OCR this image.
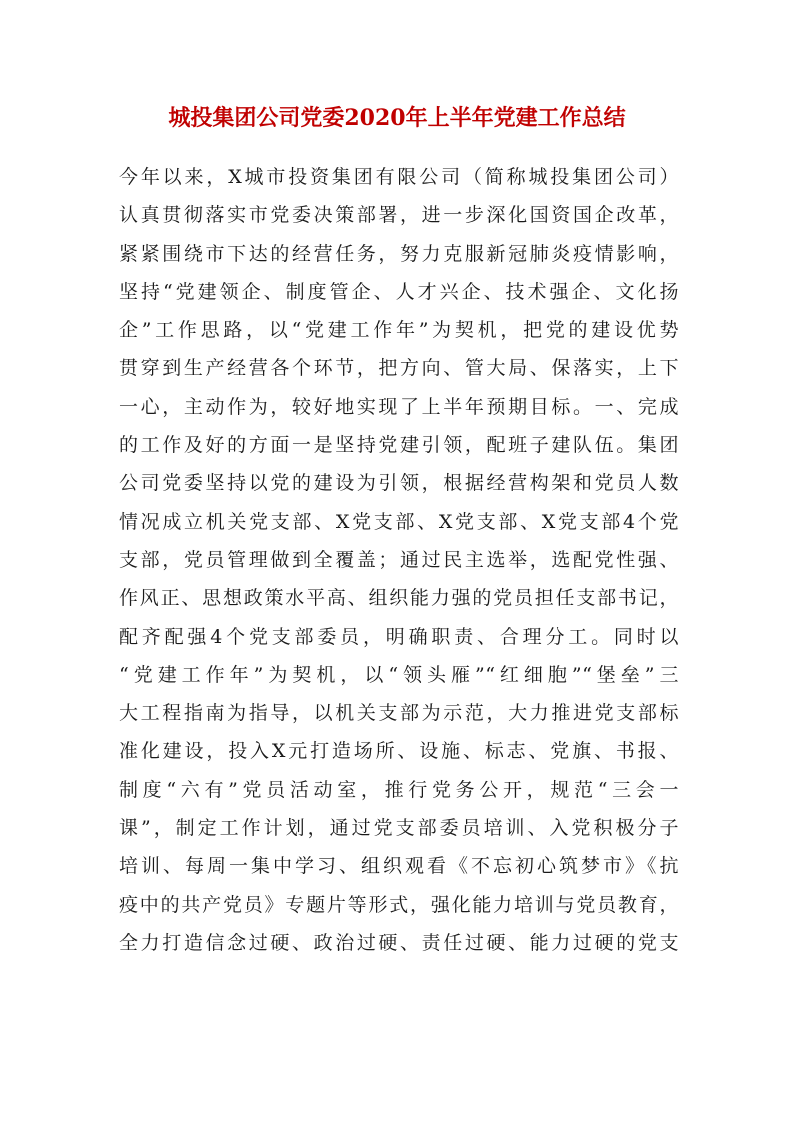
城投集团公司党委2020年上半年党建工作总结
今年以来，X城市投资集团有限公司（简称城投集团公司）
认真贯彻落实市党委决策部署，进一步深化国资国企改革，
紧紧围绕市下达的经营任务，努力克服新冠肺炎疫情影响，
坚持“党建领企、制度管企、人才兴企、技术强企、文化扬
企”工作思路，以“党建工作年”为契机，把党的建设优势
贯穿到生产经营各个环节，把方向、管大局、保落实，上下
一心，主动作为，较好地实现了上半年预期目标。一、完成
的工作及好的方面一是坚持党建引领，配班子建队伍。集团
公司党委坚持以党的建设为引领，根据经营构架和党员人数
情况成立机关党支部、X党支部、X党支部、X党支部4个党
支部，党员管理做到全覆盖；通过民主选举，选配党性强、
作风正、思想政策水平高、组织能力强的党员担任支部书记，
配齐配强4个党支部委员，明确职责、合理分工。同时以
“党建工作年”为契机，以“领头雁”“红细胞”“堡垒”三
大工程指南为指导，以机关支部为示范，大力推进党支部标
准化建设，投入X元打造场所、设施、标志、党旗、书报、
制度“六有”党员活动室，推行党务公开，规范“三会一
课”，制定工作计划，通过党支部委员培训、入党积极分子
培训、每周一集中学习、组织观看《不忘初心筑梦市》《抗
疫中的共产党员》专题片等形式，强化能力培训与党员教育，
全力打造信念过硬、政治过硬、责任过硬、能力过硬的党支
